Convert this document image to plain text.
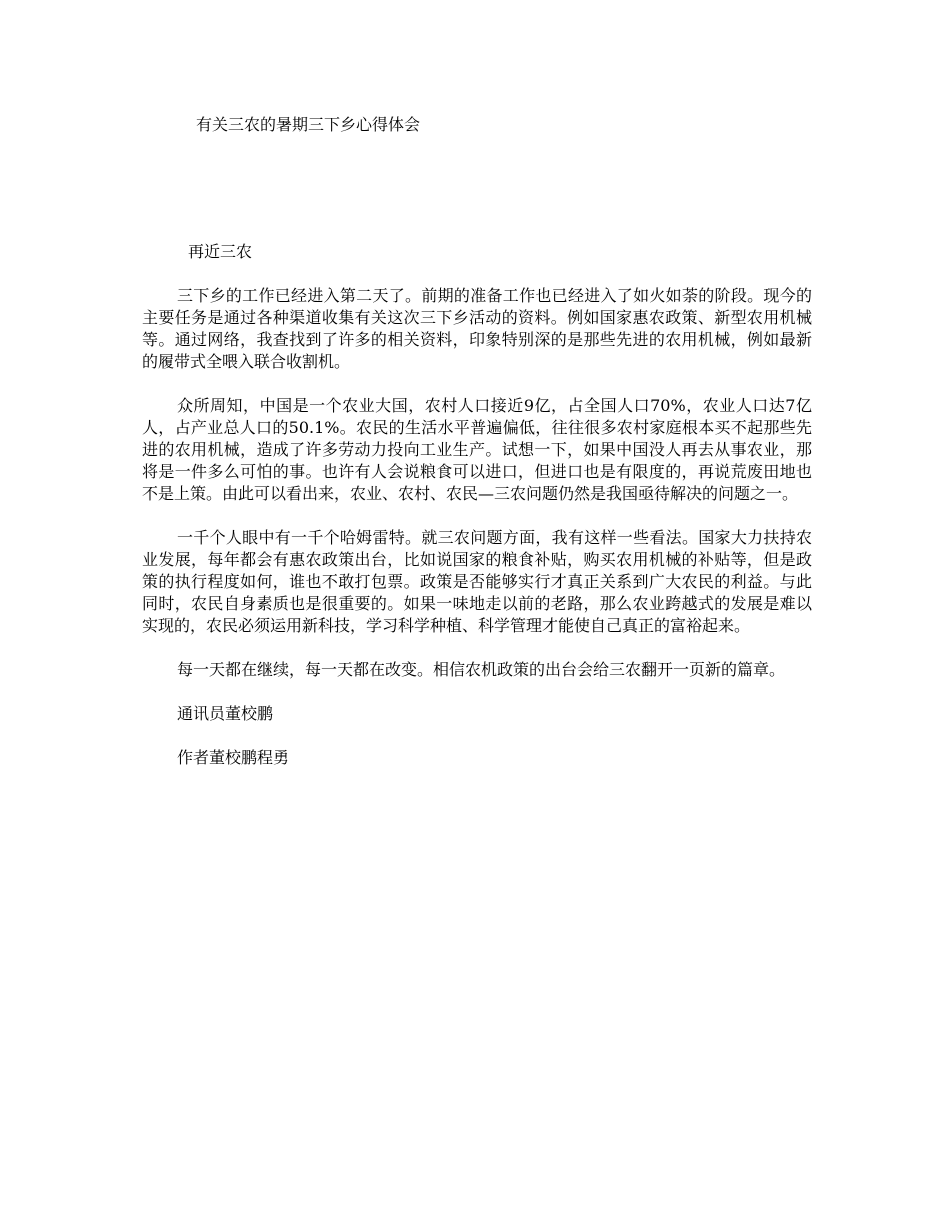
有关三农的暑期三下乡心得体会
再近三农

三下乡的工作已经进入第二天了。前期的准备工作也已经进入了如火如荼的阶段。现今的主要任务是通过各种渠道收集有关这次三下乡活动的资料。例如国家惠农政策、新型农用机械等。通过网络，我查找到了许多的相关资料，印象特别深的是那些先进的农用机械，例如最新的履带式全喂入联合收割机。

众所周知，中国是一个农业大国，农村人口接近9亿，占全国人口70%，农业人口达7亿人，占产业总人口的50.1%。农民的生活水平普遍偏低，往往很多农村家庭根本买不起那些先进的农用机械，造成了许多劳动力投向工业生产。试想一下，如果中国没人再去从事农业，那将是一件多么可怕的事。也许有人会说粮食可以进口，但进口也是有限度的，再说荒废田地也不是上策。由此可以看出来，农业、农村、农民—三农问题仍然是我国亟待解决的问题之一。

一千个人眼中有一千个哈姆雷特。就三农问题方面，我有这样一些看法。国家大力扶持农业发展，每年都会有惠农政策出台，比如说国家的粮食补贴，购买农用机械的补贴等，但是政策的执行程度如何，谁也不敢打包票。政策是否能够实行才真正关系到广大农民的利益。与此同时，农民自身素质也是很重要的。如果一味地走以前的老路，那么农业跨越式的发展是难以实现的，农民必须运用新科技，学习科学种植、科学管理才能使自己真正的富裕起来。

每一天都在继续，每一天都在改变。相信农机政策的出台会给三农翻开一页新的篇章。

通讯员董校鹏

作者董校鹏程勇
